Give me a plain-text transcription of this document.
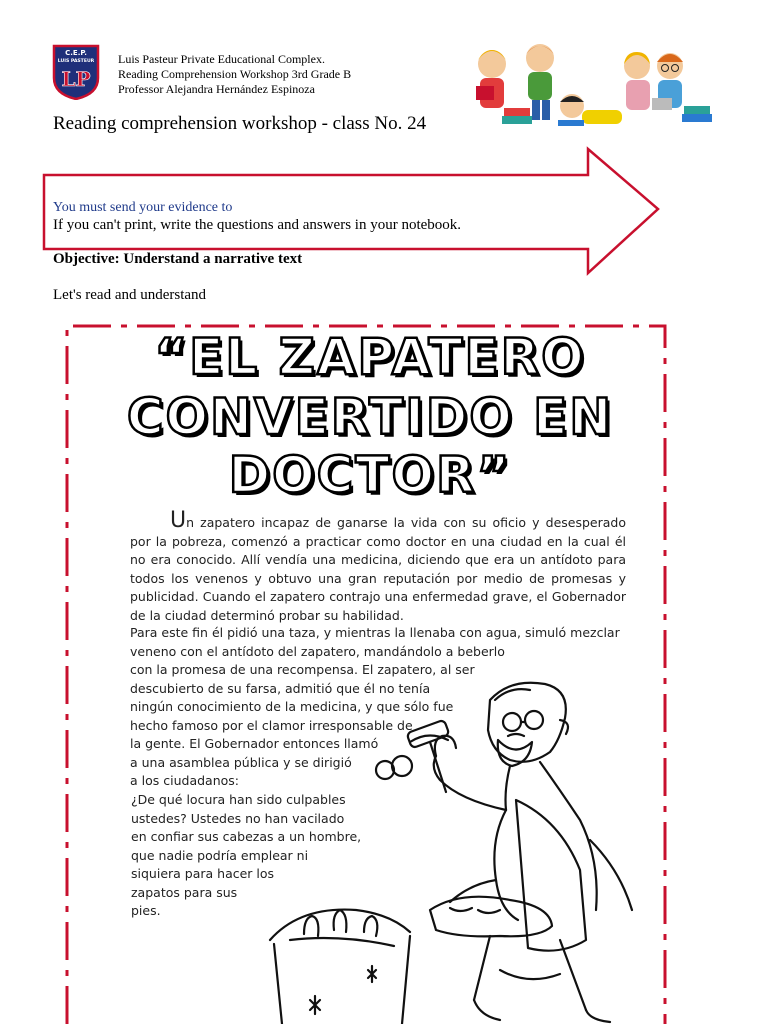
C.E.P.
LUIS PASTEUR
LP
Luis Pasteur Private Educational Complex.
Reading Comprehension Workshop 3rd Grade B
Professor Alejandra Hernández Espinoza
Reading comprehension workshop - class No. 24
You must send your evidence to
If you can't print, write the questions and answers in your notebook.
Objective: Understand a narrative text
Let's read and understand
“EL ZAPATERO
CONVERTIDO EN
DOCTOR”
Un zapatero incapaz de ganarse la vida con su oficio y desesperado por la pobreza, comenzó a practicar como doctor en una ciudad en la cual él no era conocido. Allí vendía una medicina, diciendo que era un antídoto para todos los venenos y obtuvo una gran reputación por medio de promesas y publicidad. Cuando el zapatero contrajo una enfermedad grave, el Gobernador de la ciudad determinó probar su habilidad.
Para este fin él pidió una taza, y mientras la llenaba con agua, simuló mezclar
veneno con el antídoto del zapatero, mandándolo a beberlo
con la promesa de una recompensa. El zapatero, al ser
descubierto de su farsa, admitió que él no tenía
ningún conocimiento de la medicina, y que sólo fue
hecho famoso por el clamor irresponsable de
la gente. El Gobernador entonces llamó
a una asamblea pública y se dirigió
a los ciudadanos:
¿De qué locura han sido culpables
ustedes? Ustedes no han vacilado
en confiar sus cabezas a un hombre,
que nadie podría emplear ni
siquiera para hacer los
zapatos para sus
pies.
